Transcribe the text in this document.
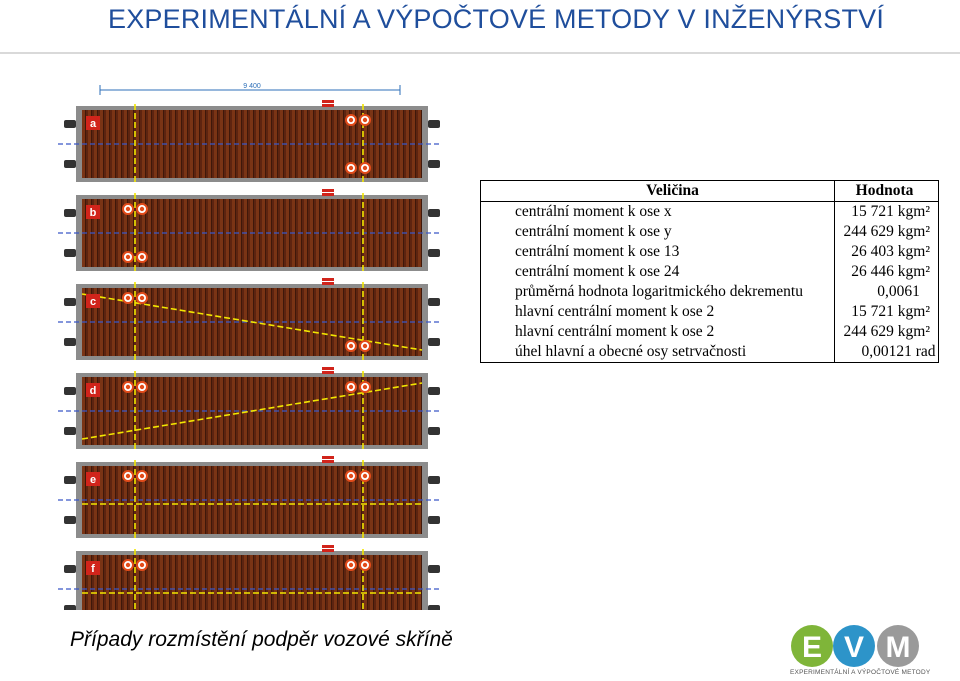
EXPERIMENTÁLNÍ A VÝPOČTOVÉ METODY V INŽENÝRSTVÍ
a
b
c
d
e
f
9 400
Veličina	Hodnota
centrální moment k ose x	15 721 kgm²
centrální moment k ose y	244 629 kgm²
centrální moment k ose 13	26 403 kgm²
centrální moment k ose 24	26 446 kgm²
průměrná hodnota logaritmického dekrementu	0,0061
hlavní centrální moment k ose 2	15 721 kgm²
hlavní centrální moment k ose 2	244 629 kgm²
úhel hlavní a obecné osy setrvačnosti	0,00121 rad
Případy rozmístění podpěr vozové skříně	E V M
EXPERIMENTÁLNÍ A VÝPOČTOVÉ METODY
